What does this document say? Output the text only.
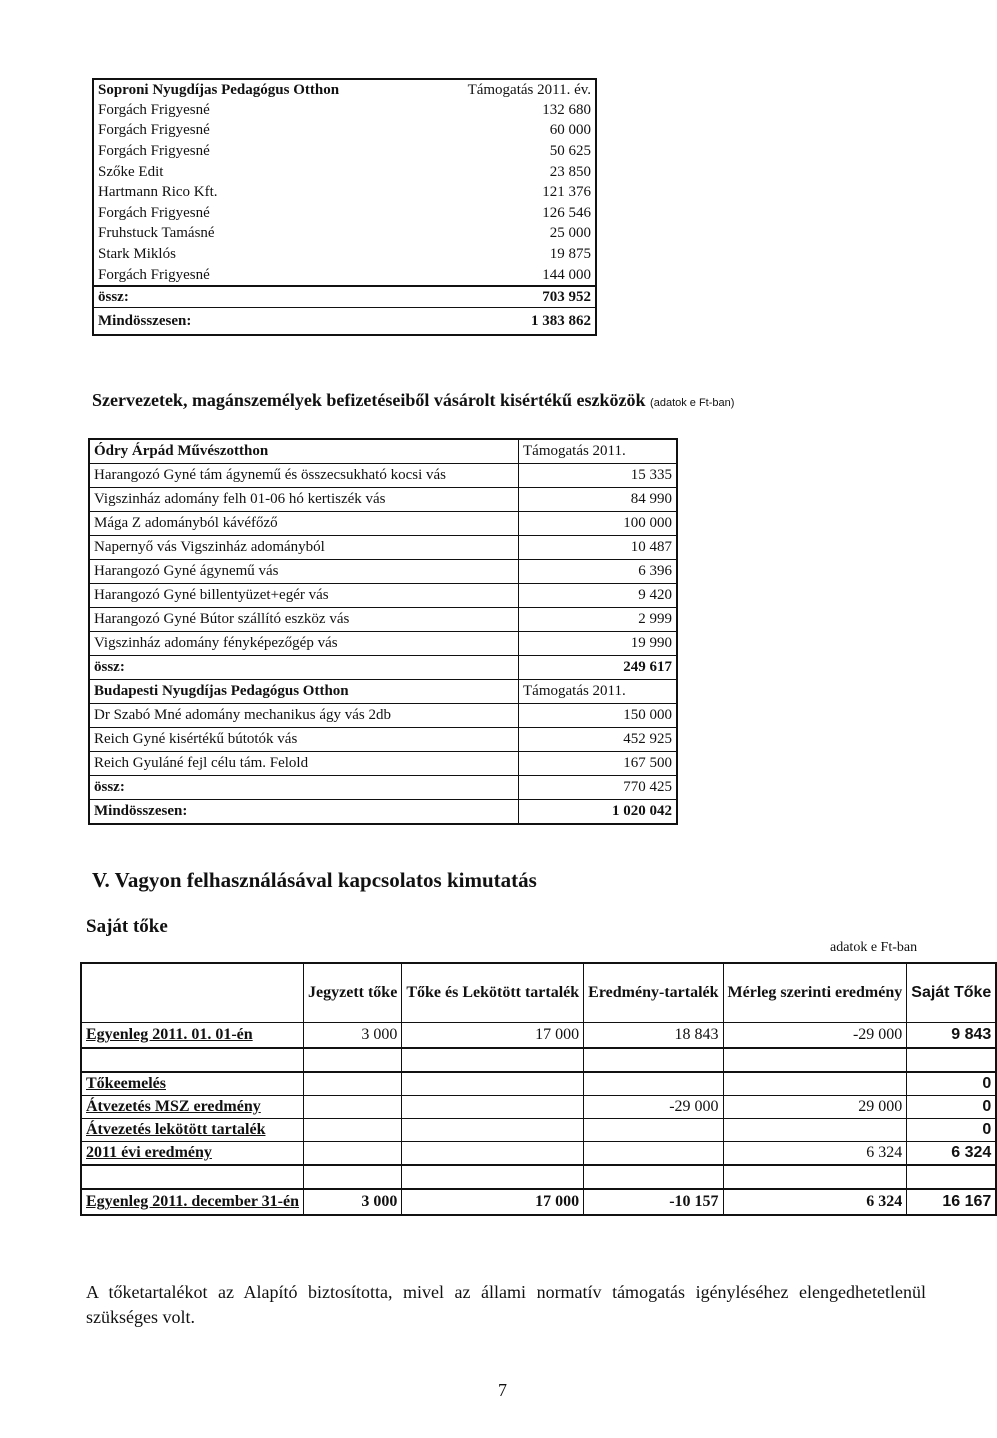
Soproni Nyugdíjas Pedagógus Otthon	Támogatás 2011. év.
Forgách Frigyesné	132 680
Forgách Frigyesné	60 000
Forgách Frigyesné	50 625
Szőke Edit	23 850
Hartmann Rico Kft.	121 376
Forgách Frigyesné	126 546
Fruhstuck Tamásné	25 000
Stark Miklós	19 875
Forgách Frigyesné	144 000
össz:	703 952
Mindösszesen:	1 383 862
Szervezetek, magánszemélyek befizetéseiből vásárolt kisértékű eszközök (adatok e Ft-ban)
Ódry Árpád Művészotthon	Támogatás 2011.
Harangozó Gyné tám ágynemű és összecsukható kocsi vás	15 335
Vigszinház adomány felh 01-06 hó kertiszék vás	84 990
Mága Z adományból kávéfőző	100 000
Napernyő vás Vigszinház adományból	10 487
Harangozó Gyné ágynemű vás	6 396
Harangozó Gyné billentyüzet+egér vás	9 420
Harangozó Gyné Bútor szállító eszköz vás	2 999
Vigszinház adomány fényképezőgép vás	19 990
össz:	249 617
Budapesti Nyugdíjas Pedagógus Otthon	Támogatás 2011.
Dr Szabó Mné adomány mechanikus ágy vás 2db	150 000
Reich Gyné kisértékű bútotók vás	452 925
Reich Gyuláné fejl célu tám. Felold	167 500
össz:	770 425
Mindösszesen:	1 020 042
V. Vagyon felhasználásával kapcsolatos kimutatás
Saját tőke
adatok e Ft-ban
	Jegyzett tőke	Tőke és Lekötött tartalék	Eredmény-tartalék	Mérleg szerinti eredmény	Saját Tőke
Egyenleg 2011. 01. 01-én	3 000	17 000	18 843	-29 000	9 843

Tőkeemelés					0
Átvezetés MSZ eredmény			-29 000	29 000	0
Átvezetés lekötött tartalék					0
2011 évi eredmény				6 324	6 324

Egyenleg 2011. december 31-én	3 000	17 000	-10 157	6 324	16 167
A tőketartalékot az Alapító biztosította, mivel az állami normatív támogatás igényléséhez elengedhetetlenül szükséges volt.
7
